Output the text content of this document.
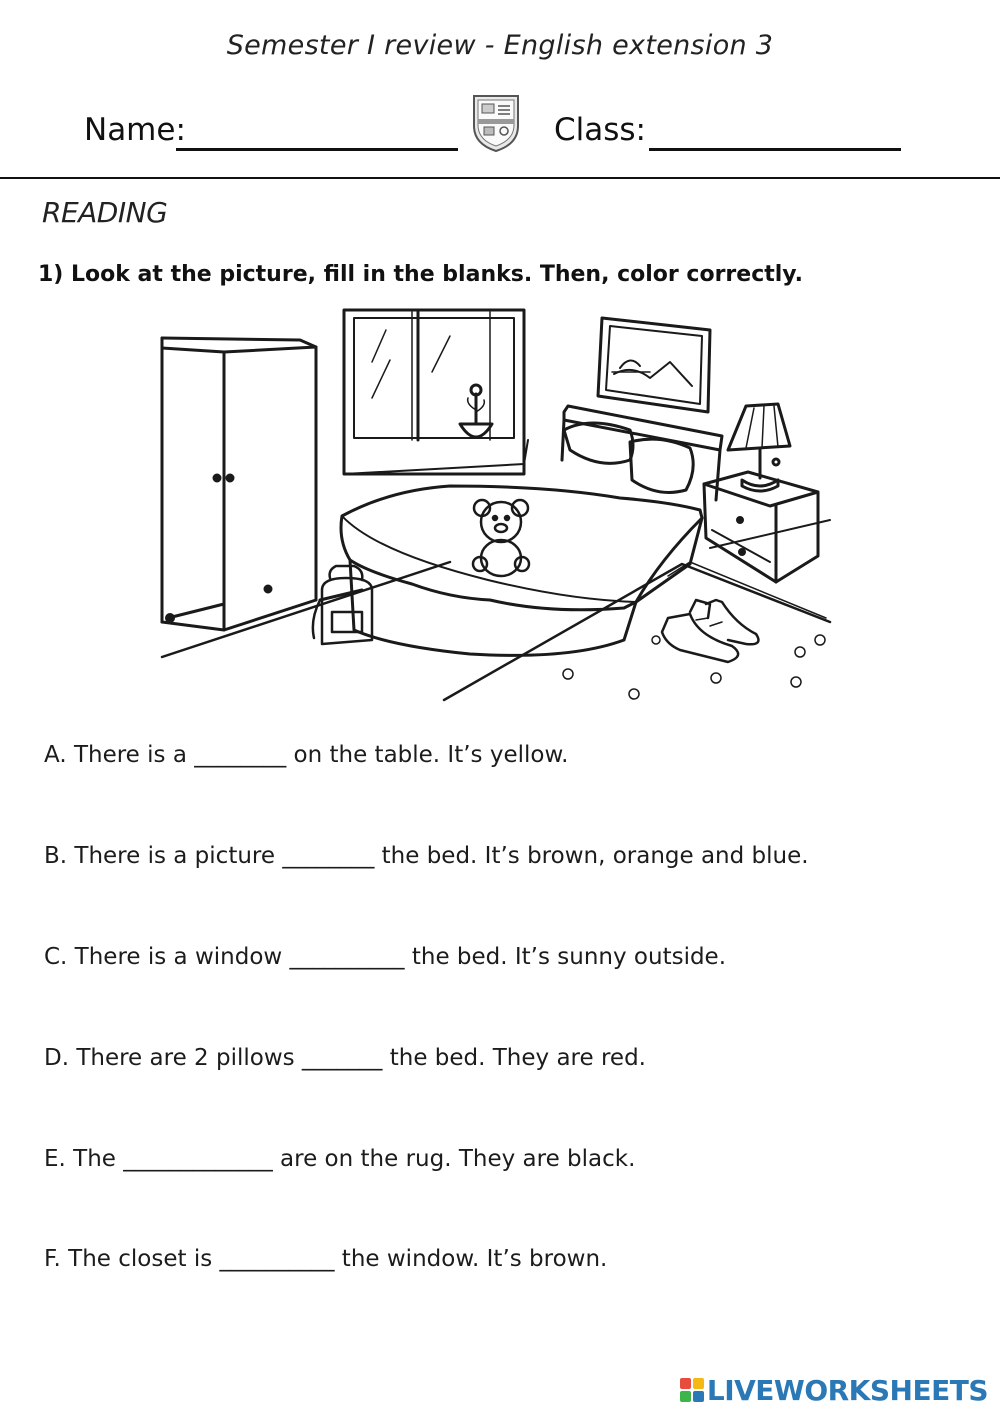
Semester I review - English extension 3
Name:	Class:
READING
1) Look at the picture, fill in the blanks. Then, color correctly.
A. There is a ________ on the table. It’s yellow.
B. There is a picture ________ the bed. It’s brown, orange and blue.
C. There is a window __________ the bed. It’s sunny outside.
D. There are 2 pillows _______ the bed. They are red.
E. The _____________ are on the rug. They are black.
F. The closet is __________ the window. It’s brown.
LIVEWORKSHEETS
